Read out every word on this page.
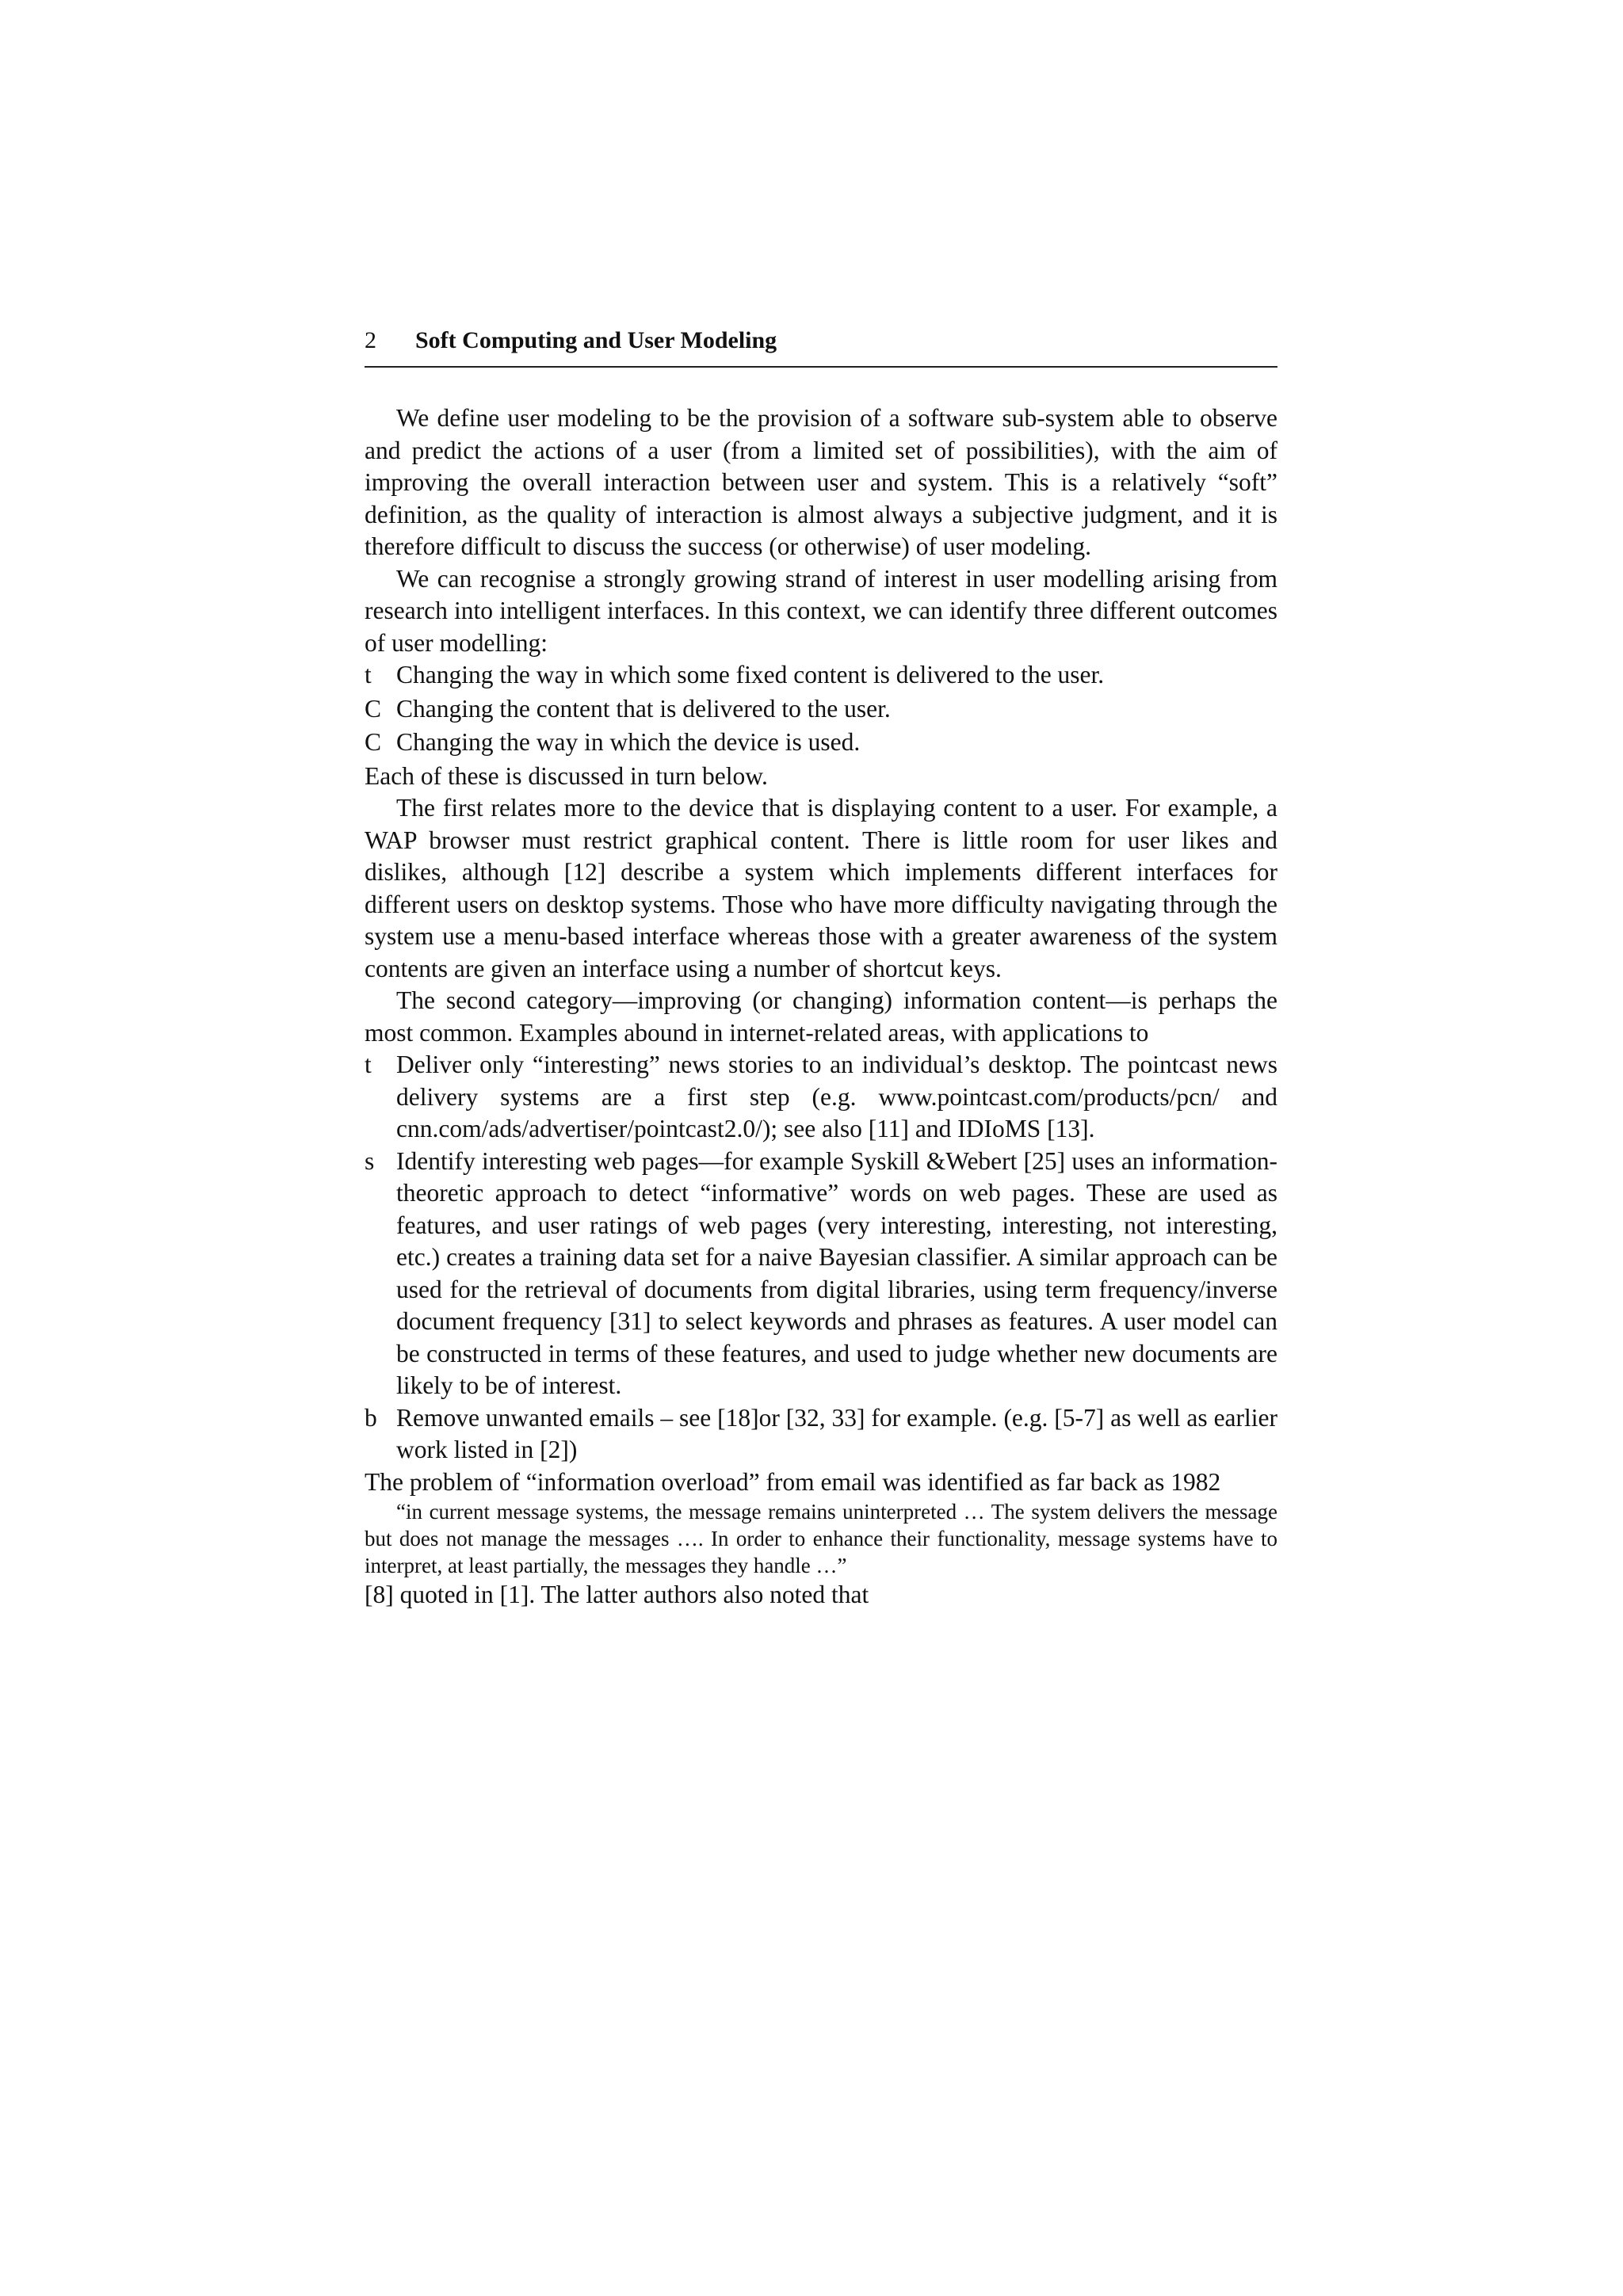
2	Soft Computing and User Modeling

We define user modeling to be the provision of a software sub-system able to observe and predict the actions of a user (from a limited set of possibilities), with the aim of improving the overall interaction between user and system. This is a relatively “soft” definition, as the quality of interaction is almost always a subjective judgment, and it is therefore difficult to discuss the success (or otherwise) of user modeling.

We can recognise a strongly growing strand of interest in user modelling arising from research into intelligent interfaces. In this context, we can identify three different outcomes of user modelling:

t Changing the way in which some fixed content is delivered to the user.
C Changing the content that is delivered to the user.
C Changing the way in which the device is used.

Each of these is discussed in turn below.

The first relates more to the device that is displaying content to a user. For example, a WAP browser must restrict graphical content. There is little room for user likes and dislikes, although [12] describe a system which implements different interfaces for different users on desktop systems. Those who have more difficulty navigating through the system use a menu-based interface whereas those with a greater awareness of the system contents are given an interface using a number of shortcut keys.

The second category—improving (or changing) information content—is perhaps the most common. Examples abound in internet-related areas, with applications to

t Deliver only “interesting” news stories to an individual’s desktop. The pointcast news delivery systems are a first step (e.g. www.pointcast.com/products/pcn/ and cnn.com/ads/advertiser/pointcast2.0/); see also [11] and IDIoMS [13].
s Identify interesting web pages—for example Syskill &Webert [25] uses an information-theoretic approach to detect “informative” words on web pages. These are used as features, and user ratings of web pages (very interesting, interesting, not interesting, etc.) creates a training data set for a naive Bayesian classifier. A similar approach can be used for the retrieval of documents from digital libraries, using term frequency/inverse document frequency [31] to select keywords and phrases as features. A user model can be constructed in terms of these features, and used to judge whether new documents are likely to be of interest.
b Remove unwanted emails – see [18]or [32, 33] for example. (e.g. [5-7] as well as earlier work listed in [2])

The problem of “information overload” from email was identified as far back as 1982

“in current message systems, the message remains uninterpreted … The system delivers the message but does not manage the messages …. In order to enhance their functionality, message systems have to interpret, at least partially, the messages they handle …”

[8] quoted in [1]. The latter authors also noted that
